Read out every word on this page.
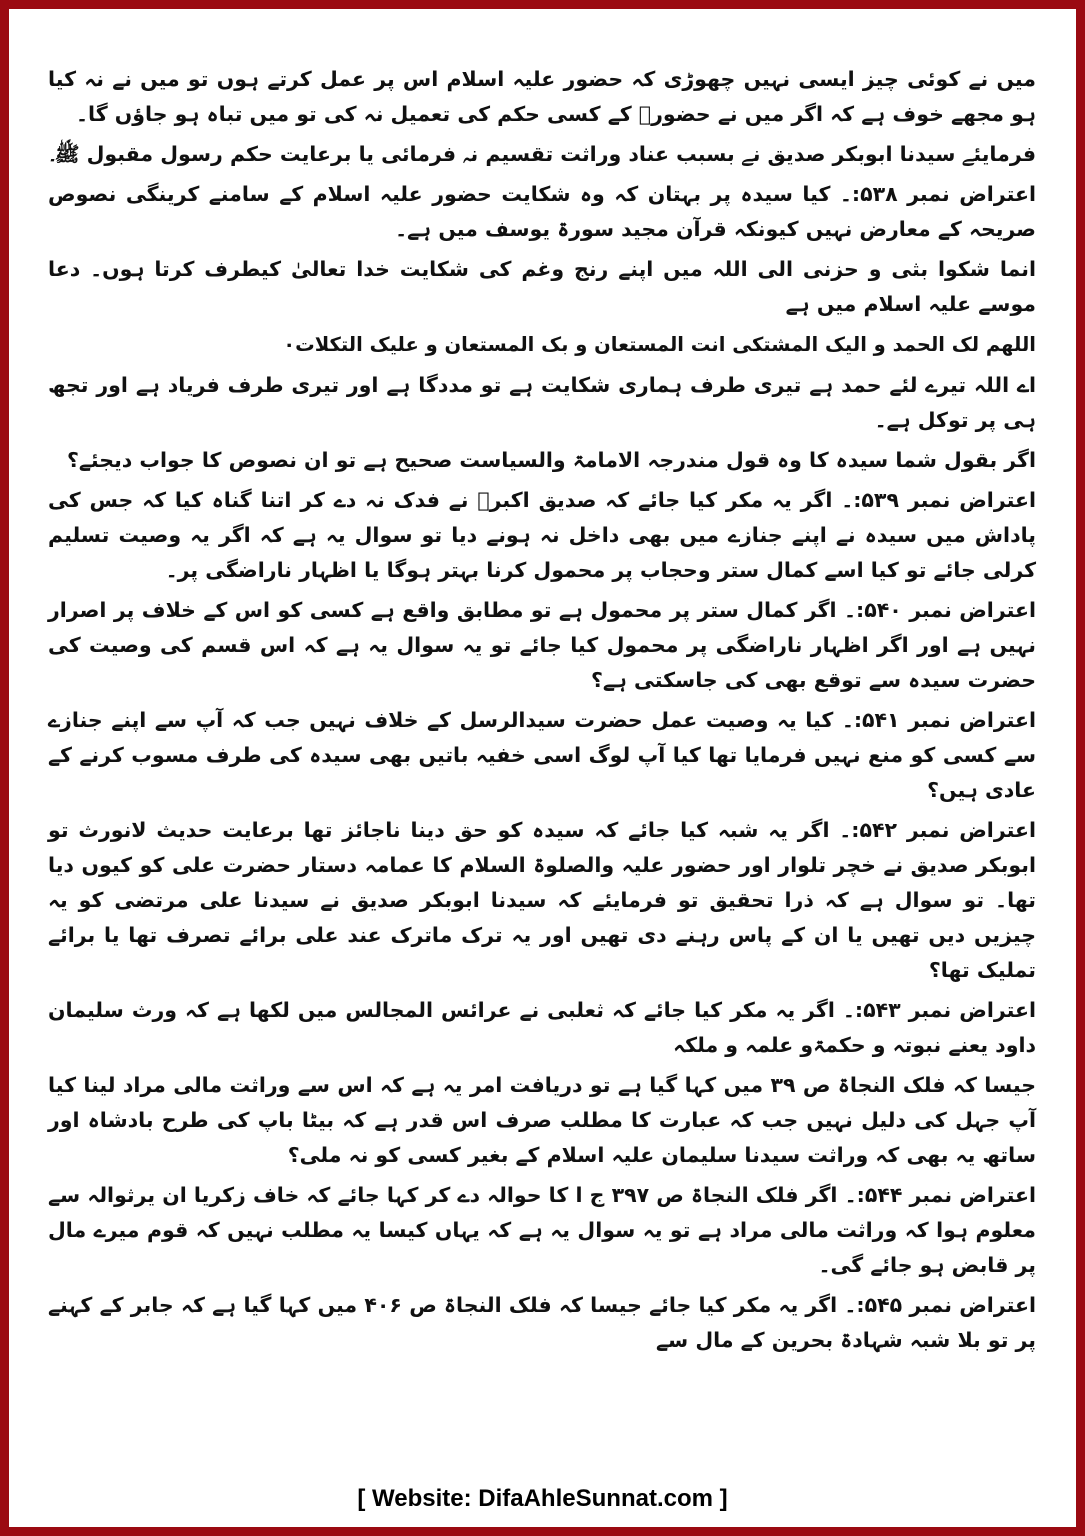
میں نے کوئی چیز ایسی نہیں چھوڑی کہ حضور علیہ اسلام اس پر عمل کرتے ہوں تو میں نے نہ کیا ہو مجھے خوف ہے کہ اگر میں نے حضورؐ کے کسی حکم کی تعمیل نہ کی تو میں تباہ ہو جاؤں گا۔

فرمایئے سیدنا ابوبکر صدیق نے بسبب عناد وراثت تقسیم نہ فرمائی یا برعایت حکم رسول مقبول ﷺ۔

اعتراض نمبر ۵۳۸:۔ کیا سیدہ پر بہتان کہ وہ شکایت حضور علیہ اسلام کے سامنے کرینگی نصوص صریحہ کے معارض نہیں کیونکہ قرآن مجید سورۃ یوسف میں ہے۔

انما شکوا بثی و حزنی الی اللہ میں اپنے رنج وغم کی شکایت خدا تعالیٰ کیطرف کرتا ہوں۔ دعا موسے علیہ اسلام میں ہے

اللھم لک الحمد و الیک المشتکی انت المستعان و بک المستعان و علیک التکلات۰

اے اللہ تیرے لئے حمد ہے تیری طرف ہماری شکایت ہے تو مددگا ہے اور تیری طرف فریاد ہے اور تجھ ہی پر توکل ہے۔

اگر بقول شما سیدہ کا وہ قول مندرجہ الامامۃ والسیاست صحیح ہے تو ان نصوص کا جواب دیجئے؟

اعتراض نمبر ۵۳۹:۔ اگر یہ مکر کیا جائے کہ صدیق اکبرؓ نے فدک نہ دے کر اتنا گناہ کیا کہ جس کی پاداش میں سیدہ نے اپنے جنازے میں بھی داخل نہ ہونے دیا تو سوال یہ ہے کہ اگر یہ وصیت تسلیم کرلی جائے تو کیا اسے کمال ستر وحجاب پر محمول کرنا بہتر ہوگا یا اظہار ناراضگی پر۔

اعتراض نمبر ۵۴۰:۔ اگر کمال ستر پر محمول ہے تو مطابق واقع ہے کسی کو اس کے خلاف پر اصرار نہیں ہے اور اگر اظہار ناراضگی پر محمول کیا جائے تو یہ سوال یہ ہے کہ اس قسم کی وصیت کی حضرت سیدہ سے توقع بھی کی جاسکتی ہے؟

اعتراض نمبر ۵۴۱:۔ کیا یہ وصیت عمل حضرت سیدالرسل کے خلاف نہیں جب کہ آپ سے اپنے جنازے سے کسی کو منع نہیں فرمایا تھا کیا آپ لوگ اسی خفیہ باتیں بھی سیدہ کی طرف مسوب کرنے کے عادی ہیں؟

اعتراض نمبر ۵۴۲:۔ اگر یہ شبہ کیا جائے کہ سیدہ کو حق دینا ناجائز تھا برعایت حدیث لانورث تو ابوبکر صدیق نے خچر تلوار اور حضور علیہ والصلوۃ السلام کا عمامہ دستار حضرت علی کو کیوں دیا تھا۔ تو سوال ہے کہ ذرا تحقیق تو فرمایئے کہ سیدنا ابوبکر صدیق نے سیدنا علی مرتضی کو یہ چیزیں دیں تھیں یا ان کے پاس رہنے دی تھیں اور یہ ترک ماترک عند علی برائے تصرف تھا یا برائے تملیک تھا؟

اعتراض نمبر ۵۴۳:۔ اگر یہ مکر کیا جائے کہ ثعلبی نے عرائس المجالس میں لکھا ہے کہ ورث سلیمان داود یعنے نبوتہ و حکمۃو علمہ و ملکہ

جیسا کہ فلک النجاۃ ص ۳۹ میں کہا گیا ہے تو دریافت امر یہ ہے کہ اس سے وراثت مالی مراد لینا کیا آپ جہل کی دلیل نہیں جب کہ عبارت کا مطلب صرف اس قدر ہے کہ بیٹا باپ کی طرح بادشاہ اور ساتھ یہ بھی کہ وراثت سیدنا سلیمان علیہ اسلام کے بغیر کسی کو نہ ملی؟

اعتراض نمبر ۵۴۴:۔ اگر فلک النجاۃ ص ۳۹۷ ج ا کا حوالہ دے کر کہا جائے کہ خاف زکریا ان یرثوالہ سے معلوم ہوا کہ وراثت مالی مراد ہے تو یہ سوال یہ ہے کہ یہاں کیسا یہ مطلب نہیں کہ قوم میرے مال پر قابض ہو جائے گی۔

اعتراض نمبر ۵۴۵:۔ اگر یہ مکر کیا جائے جیسا کہ فلک النجاۃ ص ۴۰۶ میں کہا گیا ہے کہ جابر کے کہنے پر تو بلا شبہ شہادۃ بحرین کے مال سے

[ Website: DifaAhleSunnat.com ]
